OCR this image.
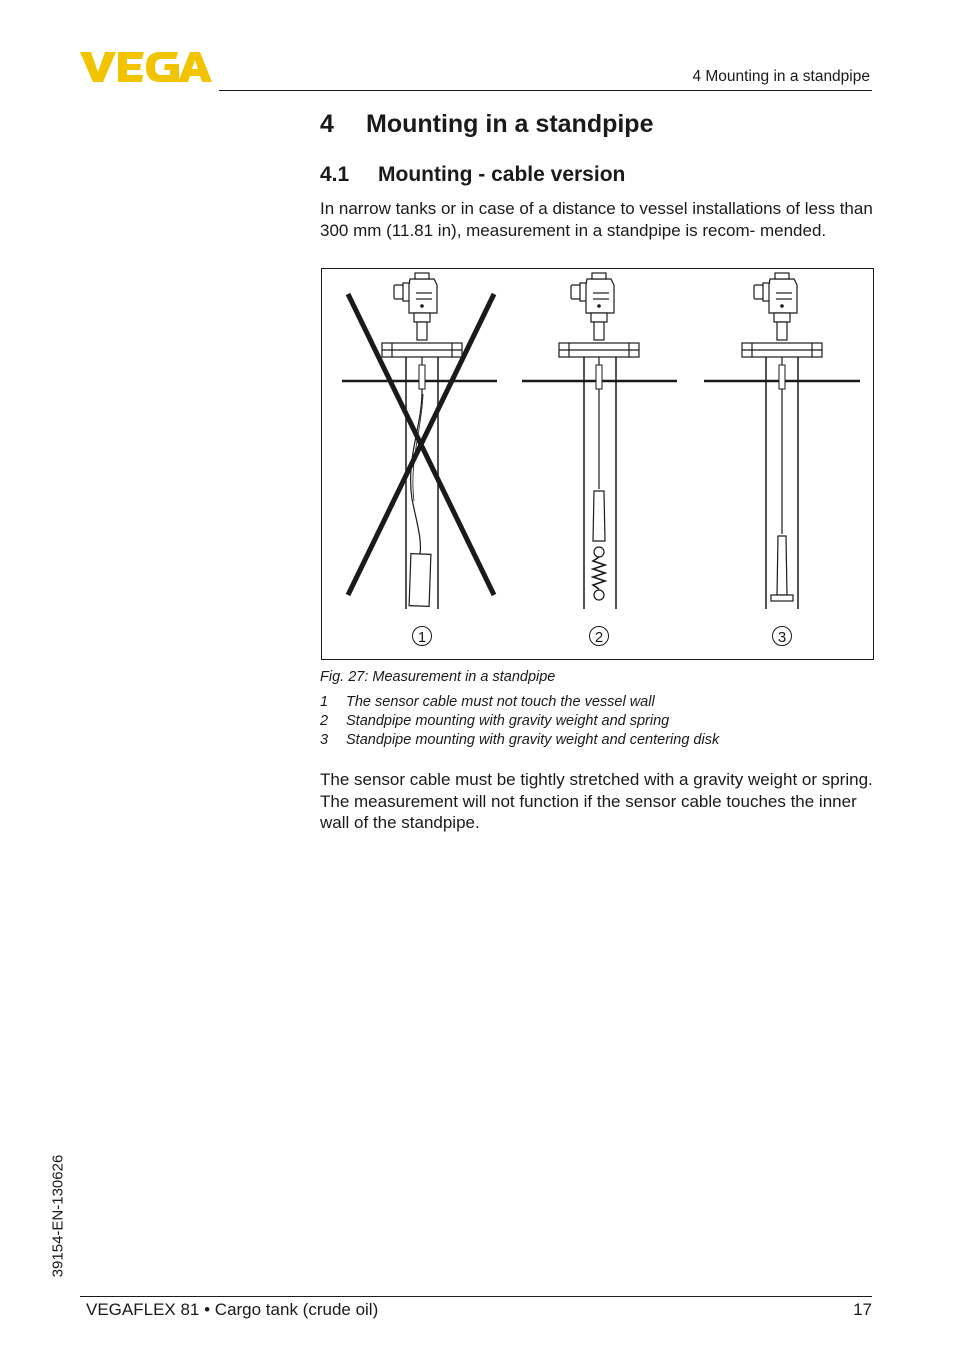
4 Mounting in a standpipe
4 Mounting in a standpipe
4.1 Mounting - cable version
In narrow tanks or in case of a distance to vessel installations of less than 300 mm (11.81 in), measurement in a standpipe is recom- mended.
1	2	3
Fig. 27: Measurement in a standpipe
1 The sensor cable must not touch the vessel wall
2 Standpipe mounting with gravity weight and spring
3 Standpipe mounting with gravity weight and centering disk
The sensor cable must be tightly stretched with a gravity weight or spring. The measurement will not function if the sensor cable touches the inner wall of the standpipe.
39154-EN-130626
VEGAFLEX 81 • Cargo tank (crude oil)	17
